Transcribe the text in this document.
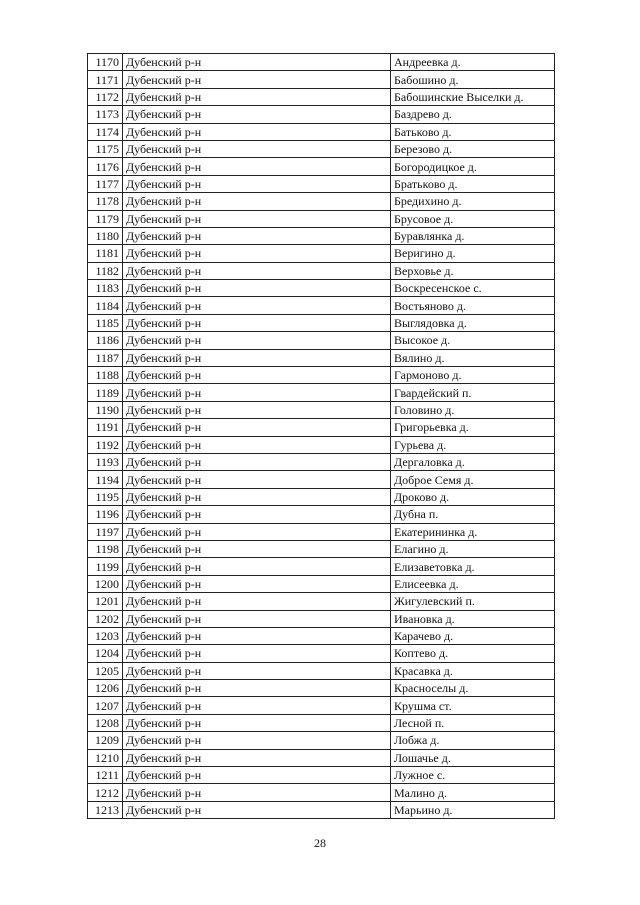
1170	Дубенский р-н	Андреевка д.
1171	Дубенский р-н	Бабошино д.
1172	Дубенский р-н	Бабошинские Выселки д.
1173	Дубенский р-н	Баздрево д.
1174	Дубенский р-н	Батьково д.
1175	Дубенский р-н	Березово д.
1176	Дубенский р-н	Богородицкое д.
1177	Дубенский р-н	Братьково д.
1178	Дубенский р-н	Бредихино д.
1179	Дубенский р-н	Брусовое д.
1180	Дубенский р-н	Буравлянка д.
1181	Дубенский р-н	Веригино д.
1182	Дубенский р-н	Верховье д.
1183	Дубенский р-н	Воскресенское с.
1184	Дубенский р-н	Востьяново д.
1185	Дубенский р-н	Выглядовка д.
1186	Дубенский р-н	Высокое д.
1187	Дубенский р-н	Вялино д.
1188	Дубенский р-н	Гармоново д.
1189	Дубенский р-н	Гвардейский п.
1190	Дубенский р-н	Головино д.
1191	Дубенский р-н	Григорьевка д.
1192	Дубенский р-н	Гурьева д.
1193	Дубенский р-н	Дергаловка д.
1194	Дубенский р-н	Доброе Семя д.
1195	Дубенский р-н	Дроково д.
1196	Дубенский р-н	Дубна п.
1197	Дубенский р-н	Екатерининка д.
1198	Дубенский р-н	Елагино д.
1199	Дубенский р-н	Елизаветовка д.
1200	Дубенский р-н	Елисеевка д.
1201	Дубенский р-н	Жигулевский п.
1202	Дубенский р-н	Ивановка д.
1203	Дубенский р-н	Карачево д.
1204	Дубенский р-н	Коптево д.
1205	Дубенский р-н	Красавка д.
1206	Дубенский р-н	Красноселы д.
1207	Дубенский р-н	Крушма ст.
1208	Дубенский р-н	Лесной п.
1209	Дубенский р-н	Лобжа д.
1210	Дубенский р-н	Лошачье д.
1211	Дубенский р-н	Лужное с.
1212	Дубенский р-н	Малино д.
1213	Дубенский р-н	Марьино д.
28
